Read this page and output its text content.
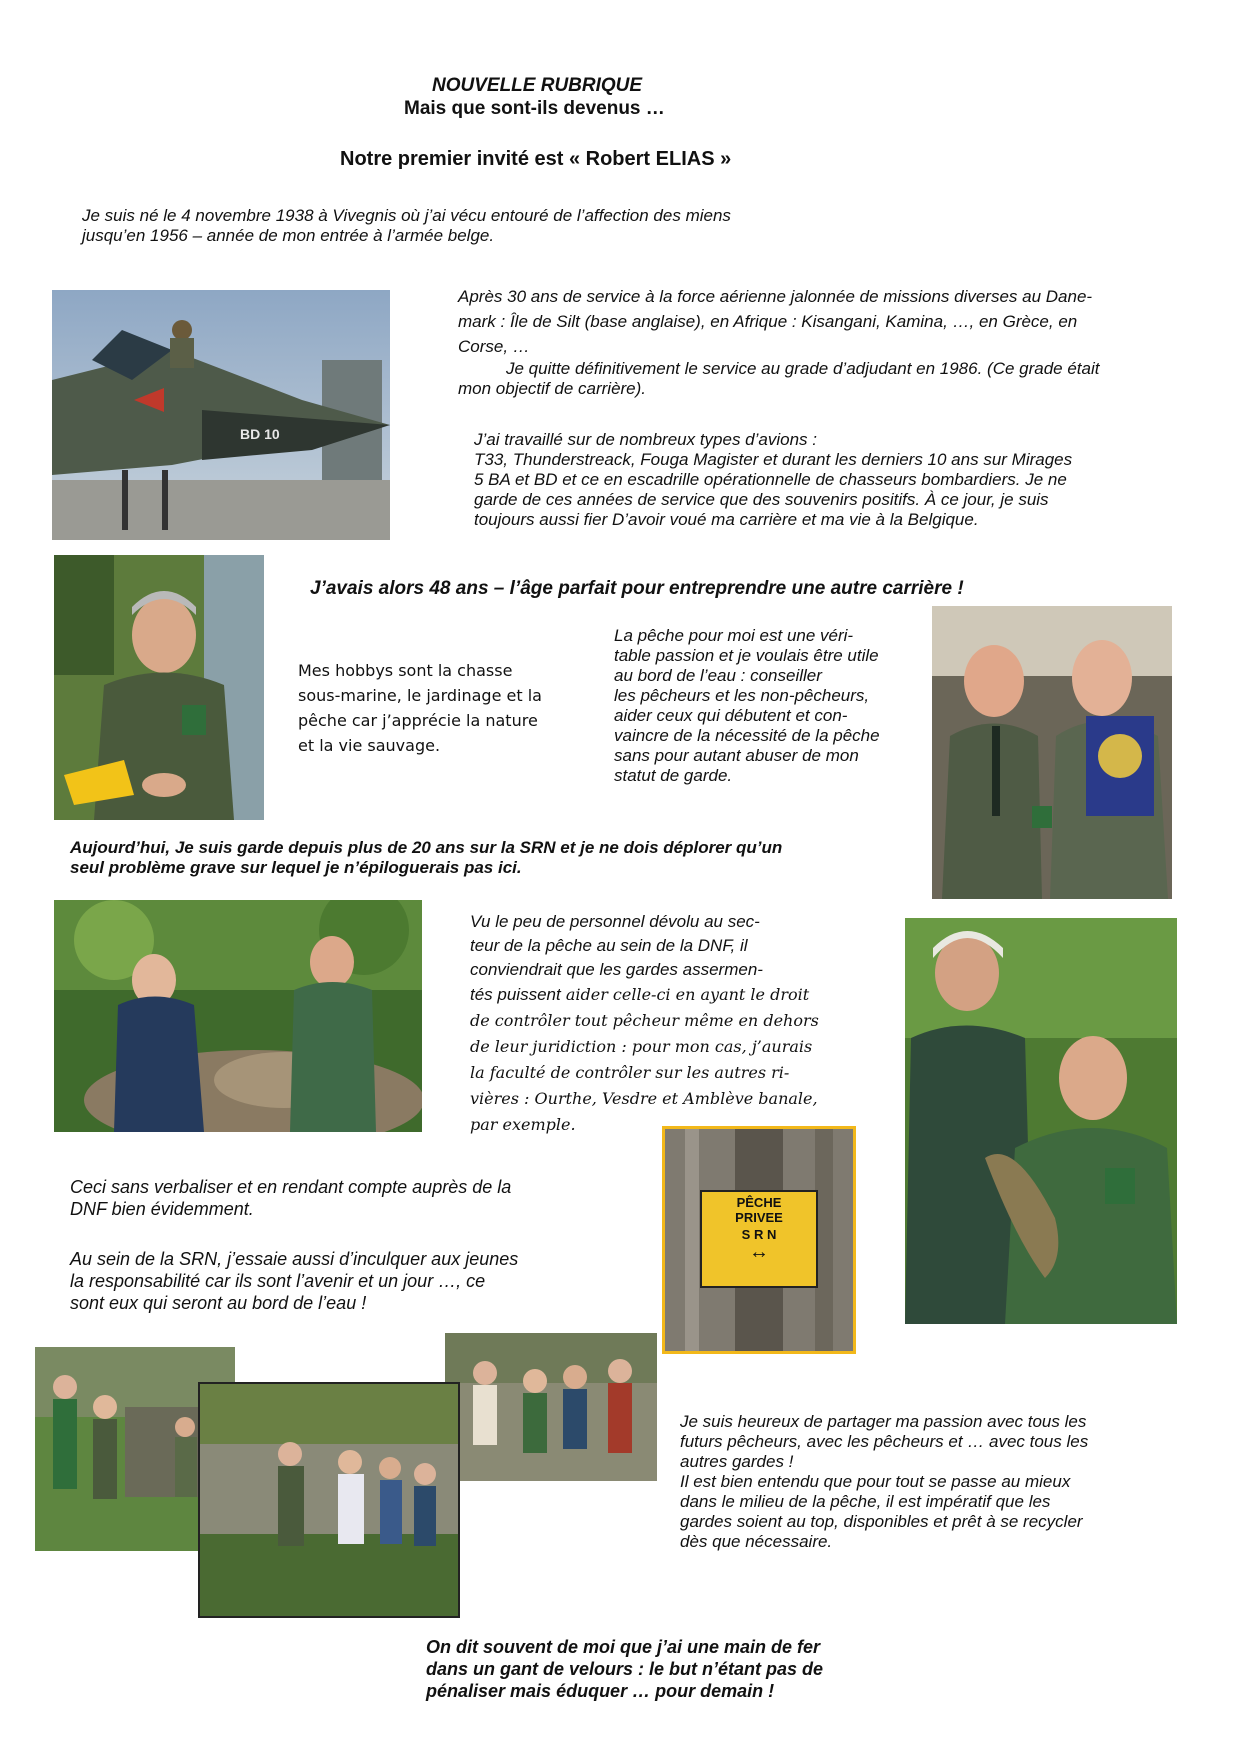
NOUVELLE RUBRIQUE
Mais que sont-ils devenus …
Notre premier invité est « Robert ELIAS »
Je suis né le 4 novembre 1938 à Vivegnis où j’ai vécu entouré de l’affection des miens jusqu’en 1956 – année de mon entrée à l’armée belge.
BD 10
Après 30 ans de service à la force aérienne jalonnée de missions diverses au Dane-
mark : Île de Silt (base anglaise), en Afrique : Kisangani, Kamina, …, en Grèce, en
Corse, …
Je quitte définitivement le service au grade d’adjudant en 1986. (Ce grade était
mon objectif de carrière).
J’ai travaillé sur de nombreux types d’avions :
T33, Thunderstreack, Fouga Magister et durant les derniers 10 ans sur Mirages
5 BA et BD et ce en escadrille opérationnelle de chasseurs bombardiers. Je ne
garde de ces années de service que des souvenirs positifs. À ce jour, je suis
toujours aussi fier D’avoir voué ma carrière et ma vie à la Belgique.
J’avais alors 48 ans – l’âge parfait pour entreprendre une autre carrière !
Mes hobbys sont la chasse
sous-marine, le jardinage et la
pêche car j’apprécie la nature
et la vie sauvage.
La pêche pour moi est une véri-
table passion et je voulais être utile
au bord de l’eau : conseiller
les pêcheurs et les non-pêcheurs,
aider ceux qui débutent et con-
vaincre de la nécessité de la pêche
sans pour autant abuser de mon
statut de garde.
Aujourd’hui, Je suis garde depuis plus de 20 ans sur la SRN et je ne dois déplorer qu’un
seul problème grave sur lequel je n’épiloguerais pas ici.
Vu le peu de personnel dévolu au sec-
teur de la pêche au sein de la DNF, il
conviendrait que les gardes assermen-
tés puissent aider celle-ci en ayant le droit
de contrôler tout pêcheur même en dehors
de leur juridiction : pour mon cas, j’aurais
la faculté de contrôler sur les autres ri-
vières : Ourthe, Vesdre et Amblève banale,
par exemple.
PÊCHE
PRIVEE
S R N
↔
Ceci sans verbaliser et en rendant compte auprès de la
DNF bien évidemment.
Au sein de la SRN, j’essaie aussi d’inculquer aux jeunes
la responsabilité car ils sont l’avenir et un jour …, ce
sont eux qui seront au bord de l’eau !
Je suis heureux de partager ma passion avec tous les
futurs pêcheurs, avec les pêcheurs et … avec tous les
autres gardes !
Il est bien entendu que pour tout se passe au mieux
dans le milieu de la pêche, il est impératif que les
gardes soient au top, disponibles et prêt à se recycler
dès que nécessaire.
On dit souvent de moi que j’ai une main de fer
dans un gant de velours : le but n’étant pas de
pénaliser mais éduquer … pour demain !
